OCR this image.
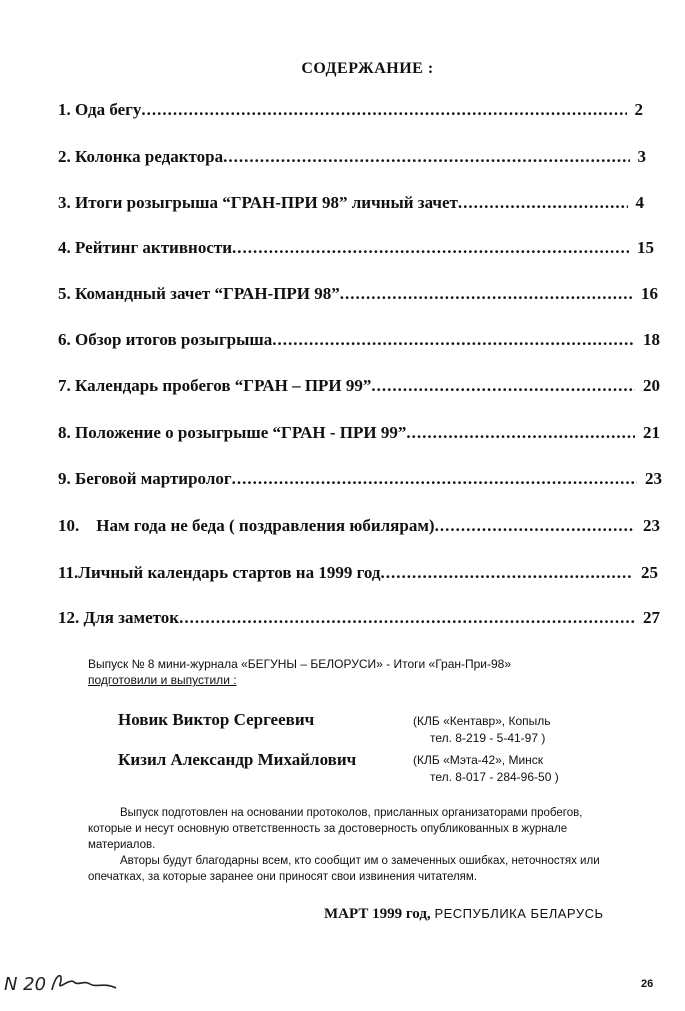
СОДЕРЖАНИЕ :
1. Ода бегу .....	2
2. Колонка редактора .....	3
3. Итоги розыгрыша “ГРАН-ПРИ 98” личный зачет .....	4
4. Рейтинг активности .....	15
5. Командный зачет “ГРАН-ПРИ 98” .....	16
6. Обзор итогов розыгрыша .....	18
7. Календарь пробегов “ГРАН – ПРИ 99” .....	20
8. Положение о розыгрыше “ГРАН - ПРИ 99” .....	21
9. Беговой мартиролог .....	23
10.    Нам года не беда ( поздравления юбилярам) .....	23
11.Личный календарь стартов на 1999 год .....	25
12. Для заметок .....	27
Выпуск № 8 мини-журнала «БЕГУНЫ – БЕЛОРУСИ» - Итоги «Гран-При-98»
подготовили и выпустили :
Новик Виктор Сергеевич	(КЛБ «Кентавр», Копыль
тел. 8-219 - 5-41-97 )
Кизил Александр Михайлович	(КЛБ «Мэта-42», Минск
тел. 8-017 - 284-96-50 )

Выпуск подготовлен на основании протоколов, присланных организаторами пробегов, которые и несут основную ответственность за достоверность опубликованных в журнале материалов.

Авторы будут благодарны всем, кто сообщит им о замеченных ошибках, неточностях или опечатках, за которые заранее они приносят свои извинения читателям.

МАРТ 1999 год, РЕСПУБЛИКА БЕЛАРУСЬ
N 20	26
